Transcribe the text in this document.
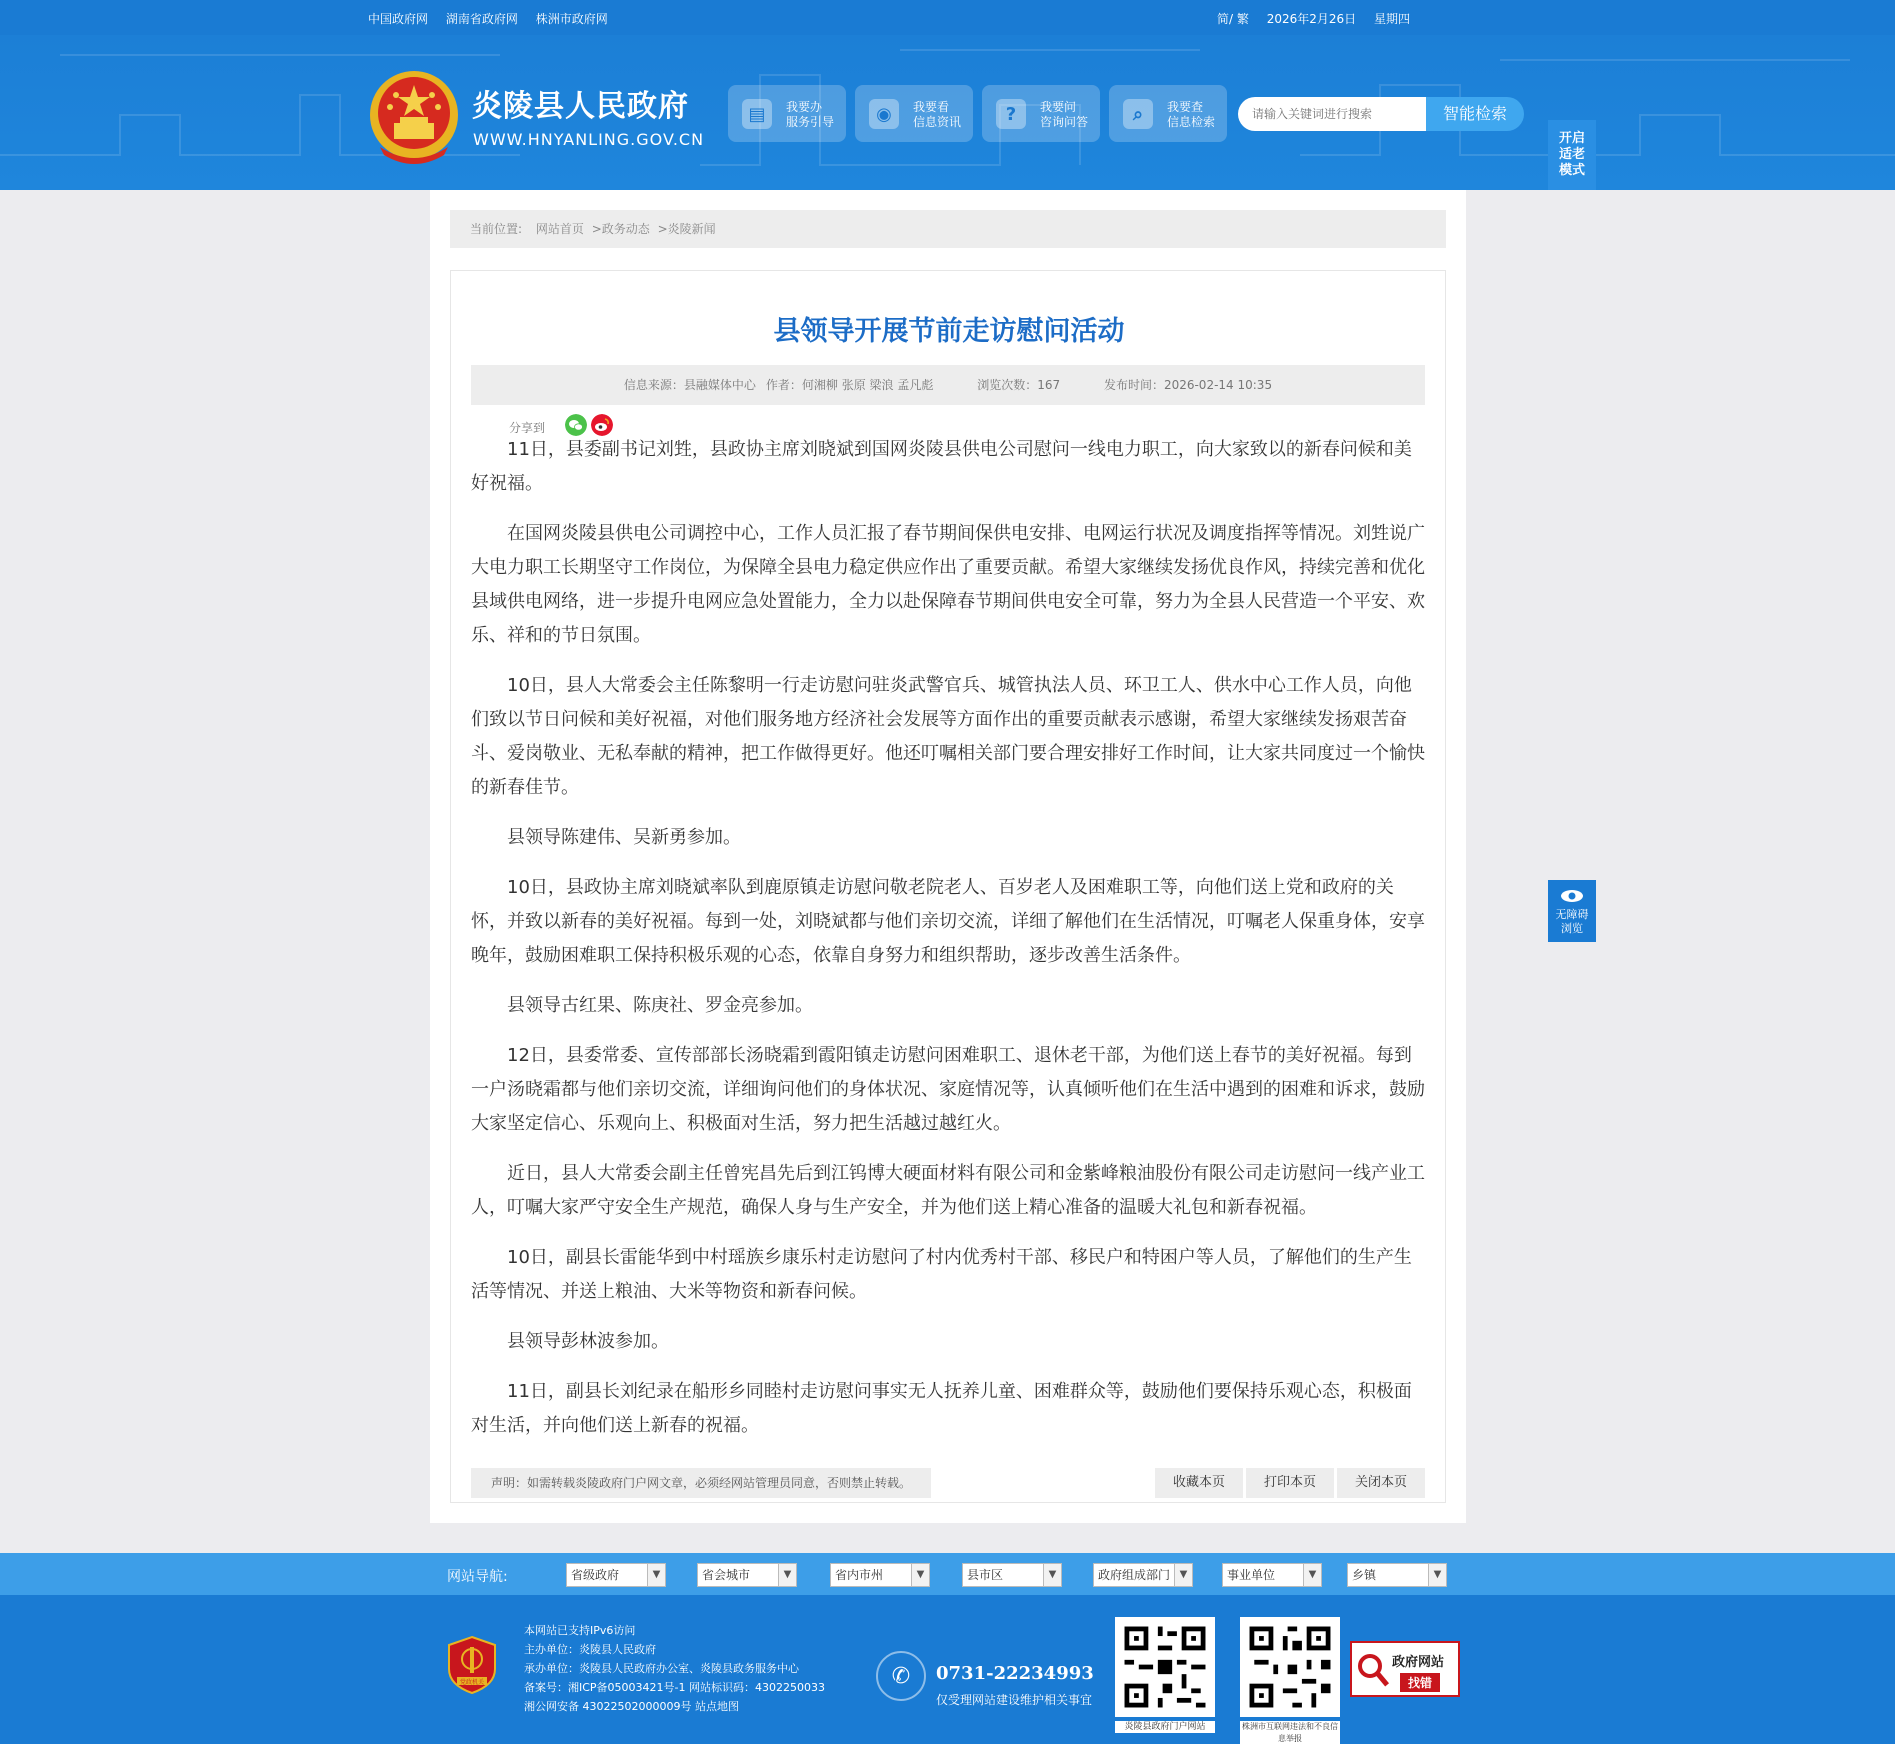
中国政府网 湖南省政府网 株洲市政府网	简/ 繁 2026年2月26日 星期四
炎陵县人民政府
WWW.HNYANLING.GOV.CN
▤	我要办
服务引导	◉	我要看
信息资讯	?	我要问
咨询问答	⌕	我要查
信息检索
请输入关键词进行搜索	智能检索
开启
适老
模式
当前位置: 网站首页 >政务动态 >炎陵新闻
县领导开展节前走访慰问活动
信息来源：县融媒体中心 作者：何湘柳 张原 梁浪 孟凡彪	浏览次数：167	发布时间：2026-02-14 10:35
分享到

11日，县委副书记刘甡，县政协主席刘晓斌到国网炎陵县供电公司慰问一线电力职工，向大家致以的新春问候和美好祝福。

在国网炎陵县供电公司调控中心，工作人员汇报了春节期间保供电安排、电网运行状况及调度指挥等情况。刘甡说广大电力职工长期坚守工作岗位，为保障全县电力稳定供应作出了重要贡献。希望大家继续发扬优良作风，持续完善和优化县域供电网络，进一步提升电网应急处置能力，全力以赴保障春节期间供电安全可靠，努力为全县人民营造一个平安、欢乐、祥和的节日氛围。

10日，县人大常委会主任陈黎明一行走访慰问驻炎武警官兵、城管执法人员、环卫工人、供水中心工作人员，向他们致以节日问候和美好祝福，对他们服务地方经济社会发展等方面作出的重要贡献表示感谢，希望大家继续发扬艰苦奋斗、爱岗敬业、无私奉献的精神，把工作做得更好。他还叮嘱相关部门要合理安排好工作时间，让大家共同度过一个愉快的新春佳节。

县领导陈建伟、吴新勇参加。

10日，县政协主席刘晓斌率队到鹿原镇走访慰问敬老院老人、百岁老人及困难职工等，向他们送上党和政府的关怀，并致以新春的美好祝福。每到一处，刘晓斌都与他们亲切交流，详细了解他们在生活情况，叮嘱老人保重身体，安享晚年，鼓励困难职工保持积极乐观的心态，依靠自身努力和组织帮助，逐步改善生活条件。

县领导古红果、陈庚社、罗金亮参加。

12日，县委常委、宣传部部长汤晓霜到霞阳镇走访慰问困难职工、退休老干部，为他们送上春节的美好祝福。每到一户汤晓霜都与他们亲切交流，详细询问他们的身体状况、家庭情况等，认真倾听他们在生活中遇到的困难和诉求，鼓励大家坚定信心、乐观向上、积极面对生活，努力把生活越过越红火。

近日，县人大常委会副主任曾宪昌先后到江钨博大硬面材料有限公司和金紫峰粮油股份有限公司走访慰问一线产业工人，叮嘱大家严守安全生产规范，确保人身与生产安全，并为他们送上精心准备的温暖大礼包和新春祝福。

10日，副县长雷能华到中村瑶族乡康乐村走访慰问了村内优秀村干部、移民户和特困户等人员，了解他们的生产生活等情况、并送上粮油、大米等物资和新春问候。

县领导彭林波参加。

11日，副县长刘纪录在船形乡同睦村走访慰问事实无人抚养儿童、困难群众等，鼓励他们要保持乐观心态，积极面对生活，并向他们送上新春的祝福。

声明：如需转载炎陵政府门户网文章，必须经网站管理员同意，否则禁止转载。	收藏本页	打印本页	关闭本页
无障碍
浏览
网站导航:	省级政府	▼	省会城市	▼	省内市州	▼	县市区	▼	政府组成部门 ▼	事业单位	▼	乡镇	▼
党政机关
本网站已支持IPv6访问
主办单位：炎陵县人民政府
承办单位：炎陵县人民政府办公室、炎陵县政务服务中心
备案号：湘ICP备05003421号-1 网站标识码：4302250033
湘公网安备 43022502000009号 站点地图
✆	0731-22234993
仅受理网站建设维护相关事宜
炎陵县政府门户网站	株洲市互联网违法和不良信息举报
政府网站
找错
